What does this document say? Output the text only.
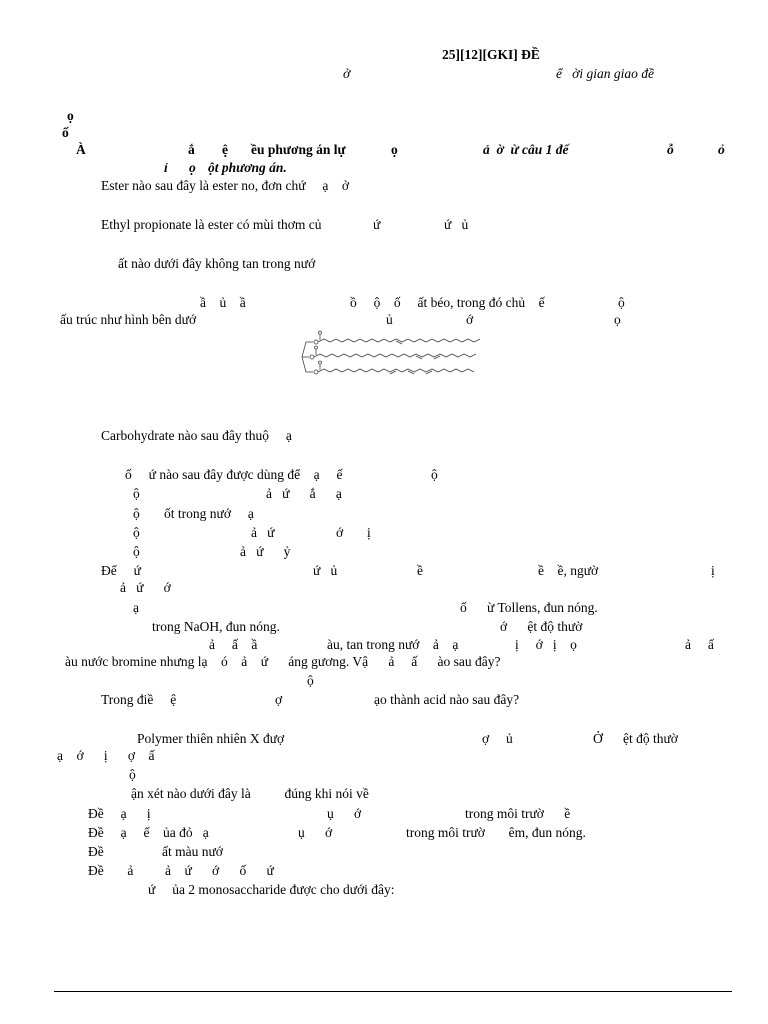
25][12][GKI] ĐỀ
ở	ể   ời gian giao đề
ọ
ố
À	ắ ệ ều phương án lự	ọ	ả  ờ  ừ câu 1 đế	ỗ	ỏ
ỉ ọ ột phương án.
Ester nào sau đây là ester no, đơn chứ     ạ    ở
Ethyl propionate là ester có mùi thơm củ	ứ	ứ   ủ
ất nào dưới đây không tan trong nướ
ầ    ủ    ầ	ồ     ộ    ố     ất béo, trong đó chủ    ế	ộ
ấu trúc như hình bên dướ	ủ	ớ	ọ
Carbohydrate nào sau đây thuộ     ạ
ố     ứ nào sau đây được dùng để    ạ     ế	ộ
ộ	ả   ứ      ắ      ạ
ộ ốt trong nướ     ạ
ộ	ả   ứ	ớ ị
ộ	ả   ứ      ỷ
Để     ứ	ứ   ủ	ề	ề    ề, ngườ	ị
ả   ứ      ớ
ạ	ố      ừ Tollens, đun nóng.
trong NaOH, đun nóng.	ớ      ệt độ thườ
ả     ấ    ầ	àu, tan trong nướ    ả    ạ	ị     ớ   ị    ọ	ả     ấ
àu nước bromine nhưng lạ    ó    ả    ứ      áng gương. Vậ      ả     ấ      ào sau đây?
ộ
Trong điề     ệ	ợ	ạo thành acid nào sau đây?
Polymer thiên nhiên X đượ	ợ     ủ	Ở      ệt độ thườ
ạ    ớ      ị      ợ    ấ
ộ
ận xét nào dưới đây là          đúng khi nói về
Đề     ạ      ị	ụ      ớ	trong môi trườ      ề
Đề     ạ     ế    ủa đỏ   ạ	ụ      ớ	trong môi trườ       êm, đun nóng.
Đề	ất màu nướ
Đề       ả ả    ứ      ớ      ố      ứ
ứ     ủa 2 monosaccharide được cho dưới đây:
